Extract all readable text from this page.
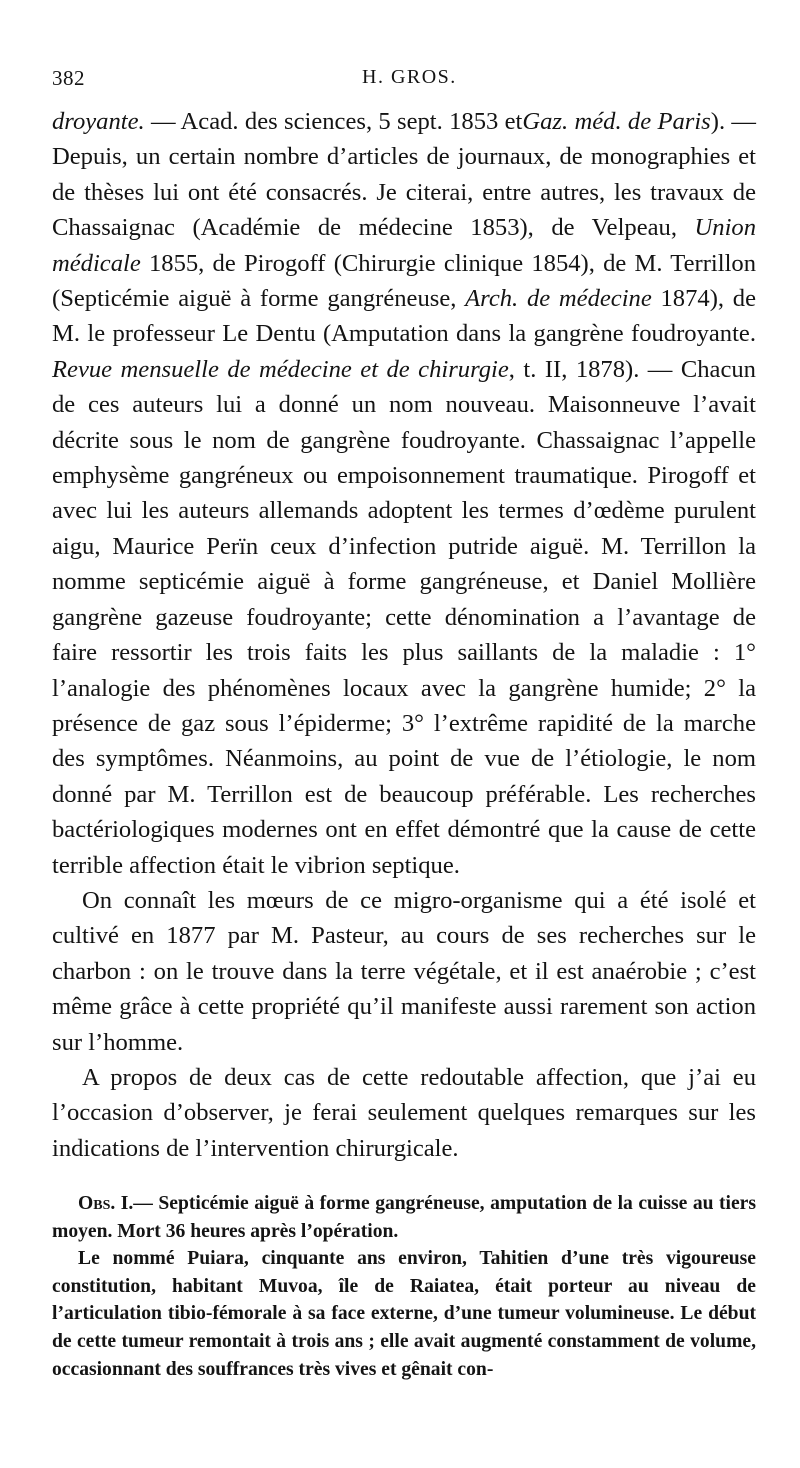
382	H. GROS.

droyante. — Acad. des sciences, 5 sept. 1853 etGaz. méd. de Paris). — Depuis, un certain nombre d’articles de journaux, de monographies et de thèses lui ont été consacrés. Je citerai, entre autres, les travaux de Chassaignac (Académie de médecine 1853), de Velpeau, Union médicale 1855, de Pirogoff (Chirurgie clinique 1854), de M. Terrillon (Septicémie aiguë à forme gangréneuse, Arch. de médecine 1874), de M. le professeur Le Dentu (Amputation dans la gangrène foudroyante. Revue mensuelle de médecine et de chirurgie, t. II, 1878). — Chacun de ces auteurs lui a donné un nom nouveau. Maisonneuve l’avait décrite sous le nom de gangrène foudroyante. Chassaignac l’appelle emphysème gangréneux ou empoisonnement traumatique. Pirogoff et avec lui les auteurs allemands adoptent les termes d’œdème purulent aigu, Maurice Perïn ceux d’infection putride aiguë. M. Terrillon la nomme septicémie aiguë à forme gangréneuse, et Daniel Mollière gangrène gazeuse foudroyante; cette dénomination a l’avantage de faire ressortir les trois faits les plus saillants de la maladie : 1° l’analogie des phénomènes locaux avec la gangrène humide; 2° la présence de gaz sous l’épiderme; 3° l’extrême rapidité de la marche des symptômes. Néanmoins, au point de vue de l’étiologie, le nom donné par M. Terrillon est de beaucoup préférable. Les recherches bactériologiques modernes ont en effet démontré que la cause de cette terrible affection était le vibrion septique.

On connaît les mœurs de ce migro-organisme qui a été isolé et cultivé en 1877 par M. Pasteur, au cours de ses recherches sur le charbon : on le trouve dans la terre végétale, et il est anaérobie ; c’est même grâce à cette propriété qu’il manifeste aussi rarement son action sur l’homme.

A propos de deux cas de cette redoutable affection, que j’ai eu l’occasion d’observer, je ferai seulement quelques remarques sur les indications de l’intervention chirurgicale.

Obs. I.— Septicémie aiguë à forme gangréneuse, amputation de la cuisse au tiers moyen. Mort 36 heures après l’opération.

Le nommé Puiara, cinquante ans environ, Tahitien d’une très vigoureuse constitution, habitant Muvoa, île de Raiatea, était porteur au niveau de l’articulation tibio-fémorale à sa face externe, d’une tumeur volumineuse. Le début de cette tumeur remontait à trois ans ; elle avait augmenté constamment de volume, occasionnant des souffrances très vives et gênait con-
